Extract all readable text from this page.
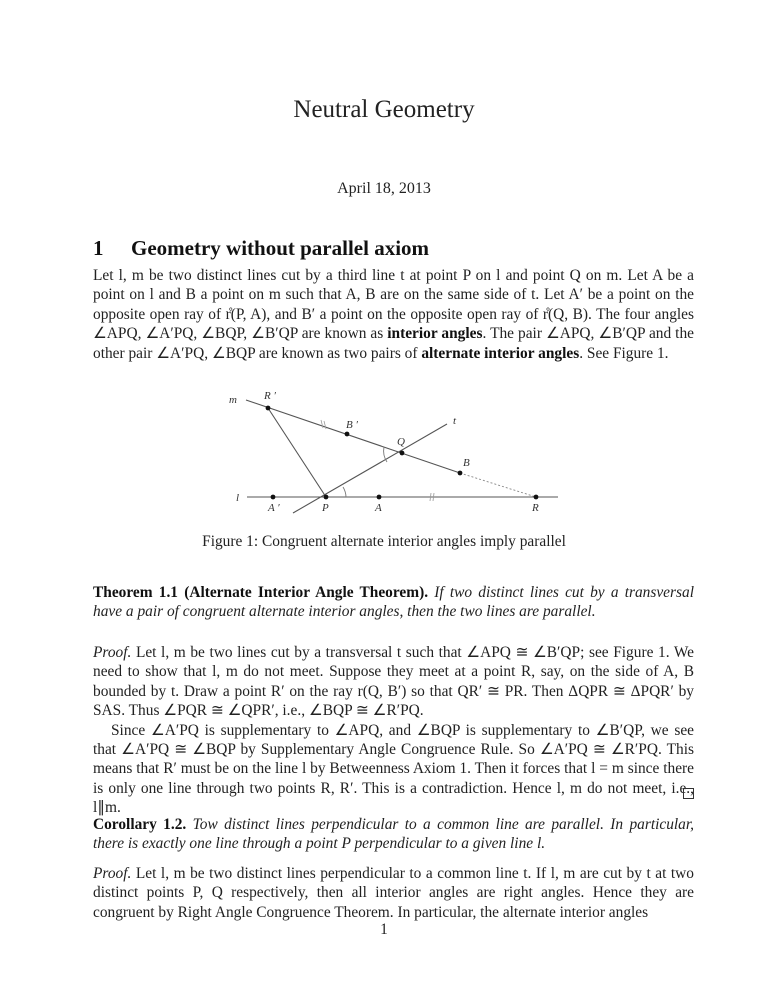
Neutral Geometry
April 18, 2013
1 Geometry without parallel axiom
Let l, m be two distinct lines cut by a third line t at point P on l and point Q on m. Let A be a point on l and B a point on m such that A, B are on the same side of t. Let A′ be a point on the opposite open ray of r̊(P, A), and B′ a point on the opposite open ray of r̊(Q, B). The four angles ∠APQ, ∠A′PQ, ∠BQP, ∠B′QP are known as interior angles. The pair ∠APQ, ∠B′QP and the other pair ∠A′PQ, ∠BQP are known as two pairs of alternate interior angles. See Figure 1.
m R ′
B ′	t
Q
B
l
A ′	P	A	R
Figure 1: Congruent alternate interior angles imply parallel
Theorem 1.1 (Alternate Interior Angle Theorem). If two distinct lines cut by a transversal have a pair of congruent alternate interior angles, then the two lines are parallel.
Proof. Let l, m be two lines cut by a transversal t such that ∠APQ ≅ ∠B′QP; see Figure 1. We need to show that l, m do not meet. Suppose they meet at a point R, say, on the side of A, B bounded by t. Draw a point R′ on the ray r(Q, B′) so that QR′ ≅ PR. Then ΔQPR ≅ ΔPQR′ by SAS. Thus ∠PQR ≅ ∠QPR′, i.e., ∠BQP ≅ ∠R′PQ.
Since ∠A′PQ is supplementary to ∠APQ, and ∠BQP is supplementary to ∠B′QP, we see that ∠A′PQ ≅ ∠BQP by Supplementary Angle Congruence Rule. So ∠A′PQ ≅ ∠R′PQ. This means that R′ must be on the line l by Betweenness Axiom 1. Then it forces that l = m since there is only one line through two points R, R′. This is a contradiction. Hence l, m do not meet, i.e., l∥m.
Corollary 1.2. Tow distinct lines perpendicular to a common line are parallel. In particular, there is exactly one line through a point P perpendicular to a given line l.
Proof. Let l, m be two distinct lines perpendicular to a common line t. If l, m are cut by t at two distinct points P, Q respectively, then all interior angles are right angles. Hence they are congruent by Right Angle Congruence Theorem. In particular, the alternate interior angles
1
